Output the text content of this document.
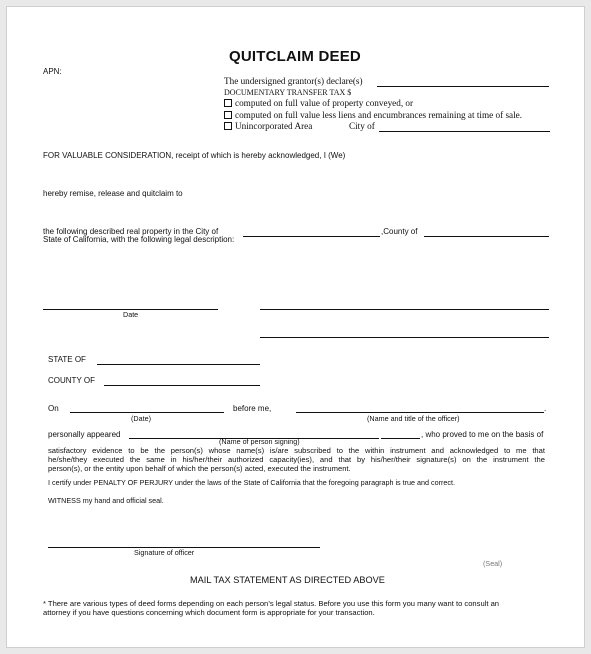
QUITCLAIM DEED
APN:
The undersigned grantor(s) declare(s)
DOCUMENTARY TRANSFER TAX $
computed on full value of property conveyed, or
computed on full value less liens and encumbrances remaining at time of sale.
Unincorporated Area	City of
FOR VALUABLE CONSIDERATION, receipt of which is hereby acknowledged, I (We)
hereby remise, release and quitclaim to
the following described real property in the City of	,County of
State of California, with the following legal description:
Date
STATE OF
COUNTY OF
On	before me,	.
(Date)	(Name and title of the officer)
personally appeared	, who proved to me on the basis of
(Name of person signing)
satisfactory evidence to be the person(s) whose name(s) is/are subscribed to the within instrument and acknowledged to me that
he/she/they executed the same in his/her/their authorized capacity(ies), and that by his/her/their signature(s) on the instrument the
person(s), or the entity upon behalf of which the person(s) acted, executed the instrument.
I certify under PENALTY OF PERJURY under the laws of the State of California that the foregoing paragraph is true and correct.
WITNESS my hand and official seal.
Signature of officer
(Seal)
MAIL TAX STATEMENT AS DIRECTED ABOVE
* There are various types of deed forms depending on each person’s legal status. Before you use this form you many want to consult an
attorney if you have questions concerning which document form is appropriate for your transaction.
